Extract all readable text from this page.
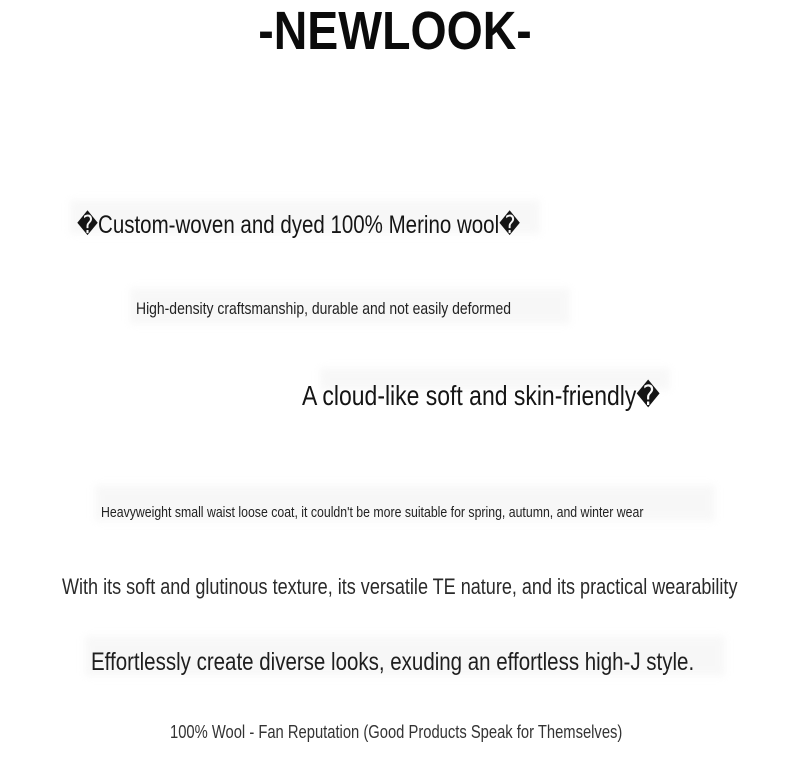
-NEWLOOK-
�Custom-woven and dyed 100% Merino wool�
High-density craftsmanship, durable and not easily deformed
A cloud-like soft and skin-friendly�
Heavyweight small waist loose coat, it couldn't be more suitable for spring, autumn, and winter wear
With its soft and glutinous texture, its versatile TE nature, and its practical wearability
Effortlessly create diverse looks, exuding an effortless high-J style.
100% Wool - Fan Reputation (Good Products Speak for Themselves)
